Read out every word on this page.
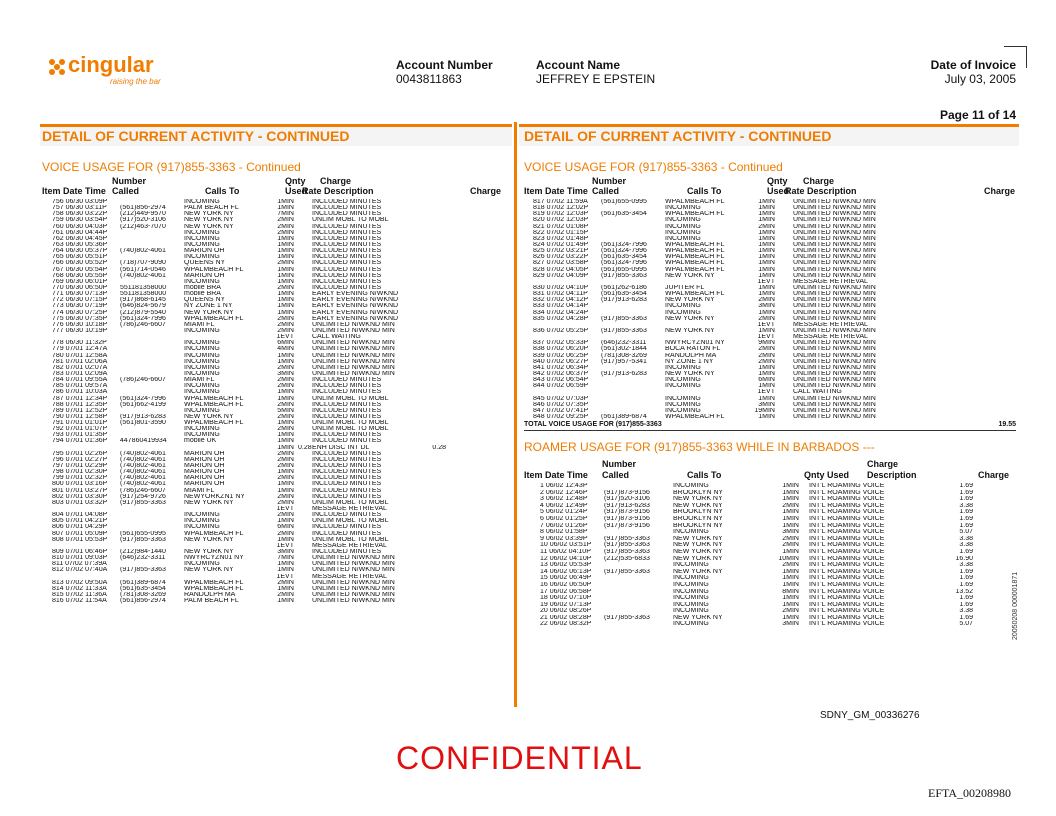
cingular
raising the bar
Account Number
0043811863
Account Name
JEFFREY E EPSTEIN
Date of Invoice
July 03, 2005
Page 11 of 14
DETAIL OF CURRENT ACTIVITY - CONTINUED
VOICE USAGE FOR (917)855-3363 - Continued
Number	Qnty Charge
Item Date Time Called	Calls To	Used
Rate Description	Charge
756 06/30 03:09P	INCOMING	1MIN	INCLUDED MINUTES
757 06/30 03:11P	(561)856-2974	PALM BEACH FL	1MIN	INCLUDED MINUTES
758 06/30 03:22P	(212)449-9570	NEW YORK NY	7MIN	INCLUDED MINUTES
759 06/30 03:54P	(917)520-3106	NEW YORK NY	2MIN	UNLIM MOBL TO MOBL
760 06/30 04:03P	(212)463-7070	NEW YORK NY	2MIN	INCLUDED MINUTES
761 06/30 04:44P	INCOMING	2MIN	INCLUDED MINUTES
762 06/30 04:45P	INCOMING	1MIN	INCLUDED MINUTES
763 06/30 05:36P	INCOMING	1MIN	INCLUDED MINUTES
764 06/30 05:37P	(740)802-4061	MARION OH	1MIN	INCLUDED MINUTES
765 06/30 05:51P	INCOMING	1MIN	INCLUDED MINUTES
766 06/30 05:52P	(718)707-9090	QUEENS NY	2MIN	INCLUDED MINUTES
767 06/30 05:54P	(561)714-0546	WPALMBEACH FL	1MIN	INCLUDED MINUTES
768 06/30 05:55P	(740)802-4061	MARION OH	1MIN	INCLUDED MINUTES
769 06/30 06:01P	INCOMING	1MIN	INCLUDED MINUTES
770 06/30 06:50P	551181358000	mobile BRA	2MIN	INCLUDED MINUTES
771 06/30 07:13P	551181358000	mobile BRA	1MIN	EARLY EVENING N/WKND
772 06/30 07:15P	(917)868-6145	QUEENS NY	1MIN	EARLY EVENING N/WKND
773 06/30 07:19P	(646)824-5679	NY ZONE 1 NY	1MIN	EARLY EVENING N/WKND
774 06/30 07:25P	(212)879-5540	NEW YORK NY	1MIN	EARLY EVENING N/WKND
775 06/30 07:35P	(561)324-7996	WPALMBEACH FL	2MIN	EARLY EVENING N/WKND
776 06/30 10:18P	(786)246-6607	MIAMI FL	2MIN	UNLIMITED N/WKND MIN
777 06/30 10:19P	INCOMING	2MIN	UNLIMITED N/WKND MIN
1EVT	CALL WAITING
778 06/30 11:32P	INCOMING	6MIN	UNLIMITED N/WKND MIN
779 07/01 12:47A	INCOMING	4MIN	UNLIMITED N/WKND MIN
780 07/01 12:58A	INCOMING	1MIN	UNLIMITED N/WKND MIN
781 07/01 02:06A	INCOMING	1MIN	UNLIMITED N/WKND MIN
782 07/01 02:07A	INCOMING	2MIN	UNLIMITED N/WKND MIN
783 07/01 02:09A	INCOMING	3MIN	UNLIMITED N/WKND MIN
784 07/01 09:55A	(786)246-6607	MIAMI FL	2MIN	INCLUDED MINUTES
785 07/01 09:57A	INCOMING	2MIN	INCLUDED MINUTES
786 07/01 10:03A	INCOMING	1MIN	INCLUDED MINUTES
787 07/01 12:34P	(561)324-7996	WPALMBEACH FL	1MIN	UNLIM MOBL TO MOBL
788 07/01 12:35P	(561)662-4199	WPALMBEACH FL	2MIN	INCLUDED MINUTES
789 07/01 12:52P	INCOMING	5MIN	INCLUDED MINUTES
790 07/01 12:58P	(917)913-6283	NEW YORK NY	2MIN	INCLUDED MINUTES
791 07/01 01:01P	(561)801-3590	WPALMBEACH FL	1MIN	UNLIM MOBL TO MOBL
792 07/01 01:07P	INCOMING	2MIN	UNLIM MOBL TO MOBL
793 07/01 01:35P	INCOMING	1MIN	INCLUDED MINUTES
794 07/01 01:36P	447860419934	mobile UK	1MIN	INCLUDED MINUTES
1MIN 0.28 ENH DISC INT DL	0.28
795 07/01 02:26P	(740)802-4061	MARION OH	2MIN	INCLUDED MINUTES
796 07/01 02:27P	(740)802-4061	MARION OH	2MIN	INCLUDED MINUTES
797 07/01 02:29P	(740)802-4061	MARION OH	2MIN	INCLUDED MINUTES
798 07/01 02:30P	(740)802-4061	MARION OH	1MIN	INCLUDED MINUTES
799 07/01 02:32P	(740)802-4061	MARION OH	2MIN	INCLUDED MINUTES
800 07/01 03:16P	(740)802-4061	MARION OH	1MIN	INCLUDED MINUTES
801 07/01 03:27P	(786)246-6607	MIAMI FL	1MIN	INCLUDED MINUTES
802 07/01 03:30P	(917)254-9726	NEWYORKZN1 NY	2MIN	INCLUDED MINUTES
803 07/01 03:32P	(917)855-3363	NEW YORK NY	2MIN	UNLIM MOBL TO MOBL
1EVT	MESSAGE RETRIEVAL
804 07/01 04:08P	INCOMING	2MIN	INCLUDED MINUTES
805 07/01 04:21P	INCOMING	1MIN	UNLIM MOBL TO MOBL
806 07/01 04:29P	INCOMING	6MIN	INCLUDED MINUTES
807 07/01 05:09P	(561)655-0995	WPALMBEACH FL	2MIN	INCLUDED MINUTES
808 07/01 05:53P	(917)855-3363	NEW YORK NY	1MIN	UNLIM MOBL TO MOBL
1EVT	MESSAGE RETRIEVAL
809 07/01 06:46P	(212)984-1440	NEW YORK NY	3MIN	INCLUDED MINUTES
810 07/01 09:03P	(646)232-3311	NWYRCYZN01 NY	7MIN	UNLIMITED N/WKND MIN
811 07/02 07:39A	INCOMING	1MIN	UNLIMITED N/WKND MIN
812 07/02 07:40A	(917)855-3363	NEW YORK NY	1MIN	UNLIMITED N/WKND MIN
1EVT	MESSAGE RETRIEVAL
813 07/02 09:50A	(561)389-6874	WPALMBEACH FL	2MIN	UNLIMITED N/WKND MIN
814 07/02 11:33A	(561)635-3454	WPALMBEACH FL	1MIN	UNLIMITED N/WKND MIN
815 07/02 11:36A	(781)308-3269	RANDOLPH MA	2MIN	UNLIMITED N/WKND MIN
816 07/02 11:54A	(561)856-2974	PALM BEACH FL	1MIN	UNLIMITED N/WKND MIN
DETAIL OF CURRENT ACTIVITY - CONTINUED
VOICE USAGE FOR (917)855-3363 - Continued
Number	Qnty Charge
Item Date Time Called	Calls To	Used
Rate Description	Charge
817 07/02 11:59A	(561)655-0995	WPALMBEACH FL	1MIN	UNLIMITED N/WKND MIN
818 07/02 12:02P	INCOMING	1MIN	UNLIMITED N/WKND MIN
819 07/02 12:03P	(561)635-3454	WPALMBEACH FL	1MIN	UNLIMITED N/WKND MIN
820 07/02 12:03P	INCOMING	1MIN	UNLIMITED N/WKND MIN
821 07/02 01:08P	INCOMING	2MIN	UNLIMITED N/WKND MIN
822 07/02 01:15P	INCOMING	1MIN	UNLIMITED N/WKND MIN
823 07/02 01:48P	INCOMING	1MIN	UNLIMITED N/WKND MIN
824 07/02 01:49P	(561)324-7996	WPALMBEACH FL	1MIN	UNLIMITED N/WKND MIN
825 07/02 03:21P	(561)324-7996	WPALMBEACH FL	1MIN	UNLIMITED N/WKND MIN
826 07/02 03:22P	(561)635-3454	WPALMBEACH FL	1MIN	UNLIMITED N/WKND MIN
827 07/02 03:58P	(561)324-7996	WPALMBEACH FL	1MIN	UNLIMITED N/WKND MIN
828 07/02 04:05P	(561)655-0995	WPALMBEACH FL	1MIN	UNLIMITED N/WKND MIN
829 07/02 04:09P	(917)855-3363	NEW YORK NY	1MIN	UNLIMITED N/WKND MIN
1EVT	MESSAGE RETRIEVAL
830 07/02 04:10P	(561)262-6186	JUPITER FL	1MIN	UNLIMITED N/WKND MIN
831 07/02 04:11P	(561)635-3454	WPALMBEACH FL	1MIN	UNLIMITED N/WKND MIN
832 07/02 04:12P	(917)913-6283	NEW YORK NY	2MIN	UNLIMITED N/WKND MIN
833 07/02 04:14P	INCOMING	3MIN	UNLIMITED N/WKND MIN
834 07/02 04:24P	INCOMING	1MIN	UNLIMITED N/WKND MIN
835 07/02 04:28P	(917)855-3363	NEW YORK NY	2MIN	UNLIMITED N/WKND MIN
1EVT	MESSAGE RETRIEVAL
836 07/02 05:25P	(917)855-3363	NEW YORK NY	1MIN	UNLIMITED N/WKND MIN
1EVT	MESSAGE RETRIEVAL
837 07/02 05:33P	(646)232-3311	NWYRCYZN01 NY	9MIN	UNLIMITED N/WKND MIN
838 07/02 06:20P	(561)302-1844	BOCA RATON FL	2MIN	UNLIMITED N/WKND MIN
839 07/02 06:25P	(781)308-3269	RANDOLPH MA	2MIN	UNLIMITED N/WKND MIN
840 07/02 06:27P	(917)957-5341	NY ZONE 1 NY	2MIN	UNLIMITED N/WKND MIN
841 07/02 06:34P	INCOMING	1MIN	UNLIMITED N/WKND MIN
842 07/02 06:37P	(917)913-6283	NEW YORK NY	1MIN	UNLIMITED N/WKND MIN
843 07/02 06:54P	INCOMING	6MIN	UNLIMITED N/WKND MIN
844 07/02 06:59P	INCOMING	1MIN	UNLIMITED N/WKND MIN
1EVT	CALL WAITING
845 07/02 07:03P	INCOMING	1MIN	UNLIMITED N/WKND MIN
846 07/02 07:35P	INCOMING	3MIN	UNLIMITED N/WKND MIN
847 07/02 07:41P	INCOMING	19MIN	UNLIMITED N/WKND MIN
848 07/02 09:25P	(561)389-6874	WPALMBEACH FL	1MIN	UNLIMITED N/WKND MIN
TOTAL VOICE USAGE FOR (917)855-3363	19.55
ROAMER USAGE FOR (917)855-3363 WHILE IN BARBADOS ---
Number	Charge
Item Date Time Called	Calls To	Qnty Used Description	Charge
1 06/02 12:43P	INCOMING	1MIN	INT'L ROAMING VOICE	1.69
2 06/02 12:46P	(917)873-9156	BROOKLYN NY	1MIN	INT'L ROAMING VOICE	1.69
3 06/02 12:48P	(917)520-3106	NEW YORK NY	1MIN	INT'L ROAMING VOICE	1.69
4 06/02 12:49P	(917)913-6283	NEW YORK NY	2MIN	INT'L ROAMING VOICE	3.38
5 06/02 01:24P	(917)873-9156	BROOKLYN NY	1MIN	INT'L ROAMING VOICE	1.69
6 06/02 01:25P	(917)873-9156	BROOKLYN NY	1MIN	INT'L ROAMING VOICE	1.69
7 06/02 01:26P	(917)873-9156	BROOKLYN NY	1MIN	INT'L ROAMING VOICE	1.69
8 06/02 01:58P	INCOMING	3MIN	INT'L ROAMING VOICE	5.07
9 06/02 03:39P	(917)855-3363	NEW YORK NY	2MIN	INT'L ROAMING VOICE	3.38
10 06/02 03:51P	(917)855-3363	NEW YORK NY	2MIN	INT'L ROAMING VOICE	3.38
11 06/02 04:10P	(917)855-3363	NEW YORK NY	1MIN	INT'L ROAMING VOICE	1.69
12 06/02 04:10P	(212)535-6833	NEW YORK NY	10MIN	INT'L ROAMING VOICE	16.90
13 06/02 05:53P	INCOMING	2MIN	INT'L ROAMING VOICE	3.38
14 06/02 06:13P	(917)855-3363	NEW YORK NY	1MIN	INT'L ROAMING VOICE	1.69
15 06/02 06:49P	INCOMING	1MIN	INT'L ROAMING VOICE	1.69
16 06/02 06:50P	INCOMING	1MIN	INT'L ROAMING VOICE	1.69
17 06/02 06:58P	INCOMING	8MIN	INT'L ROAMING VOICE	13.52
18 06/02 07:10P	INCOMING	1MIN	INT'L ROAMING VOICE	1.69
19 06/02 07:13P	INCOMING	1MIN	INT'L ROAMING VOICE	1.69
20 06/02 08:26P	INCOMING	2MIN	INT'L ROAMING VOICE	3.38
21 06/02 08:28P	(917)855-3363	NEW YORK NY	1MIN	INT'L ROAMING VOICE	1.69
22 06/02 08:32P	INCOMING	3MIN	INT'L ROAMING VOICE	5.07
CONFIDENTIAL
SDNY_GM_00336276
EFTA_00208980
20050208 000001871
